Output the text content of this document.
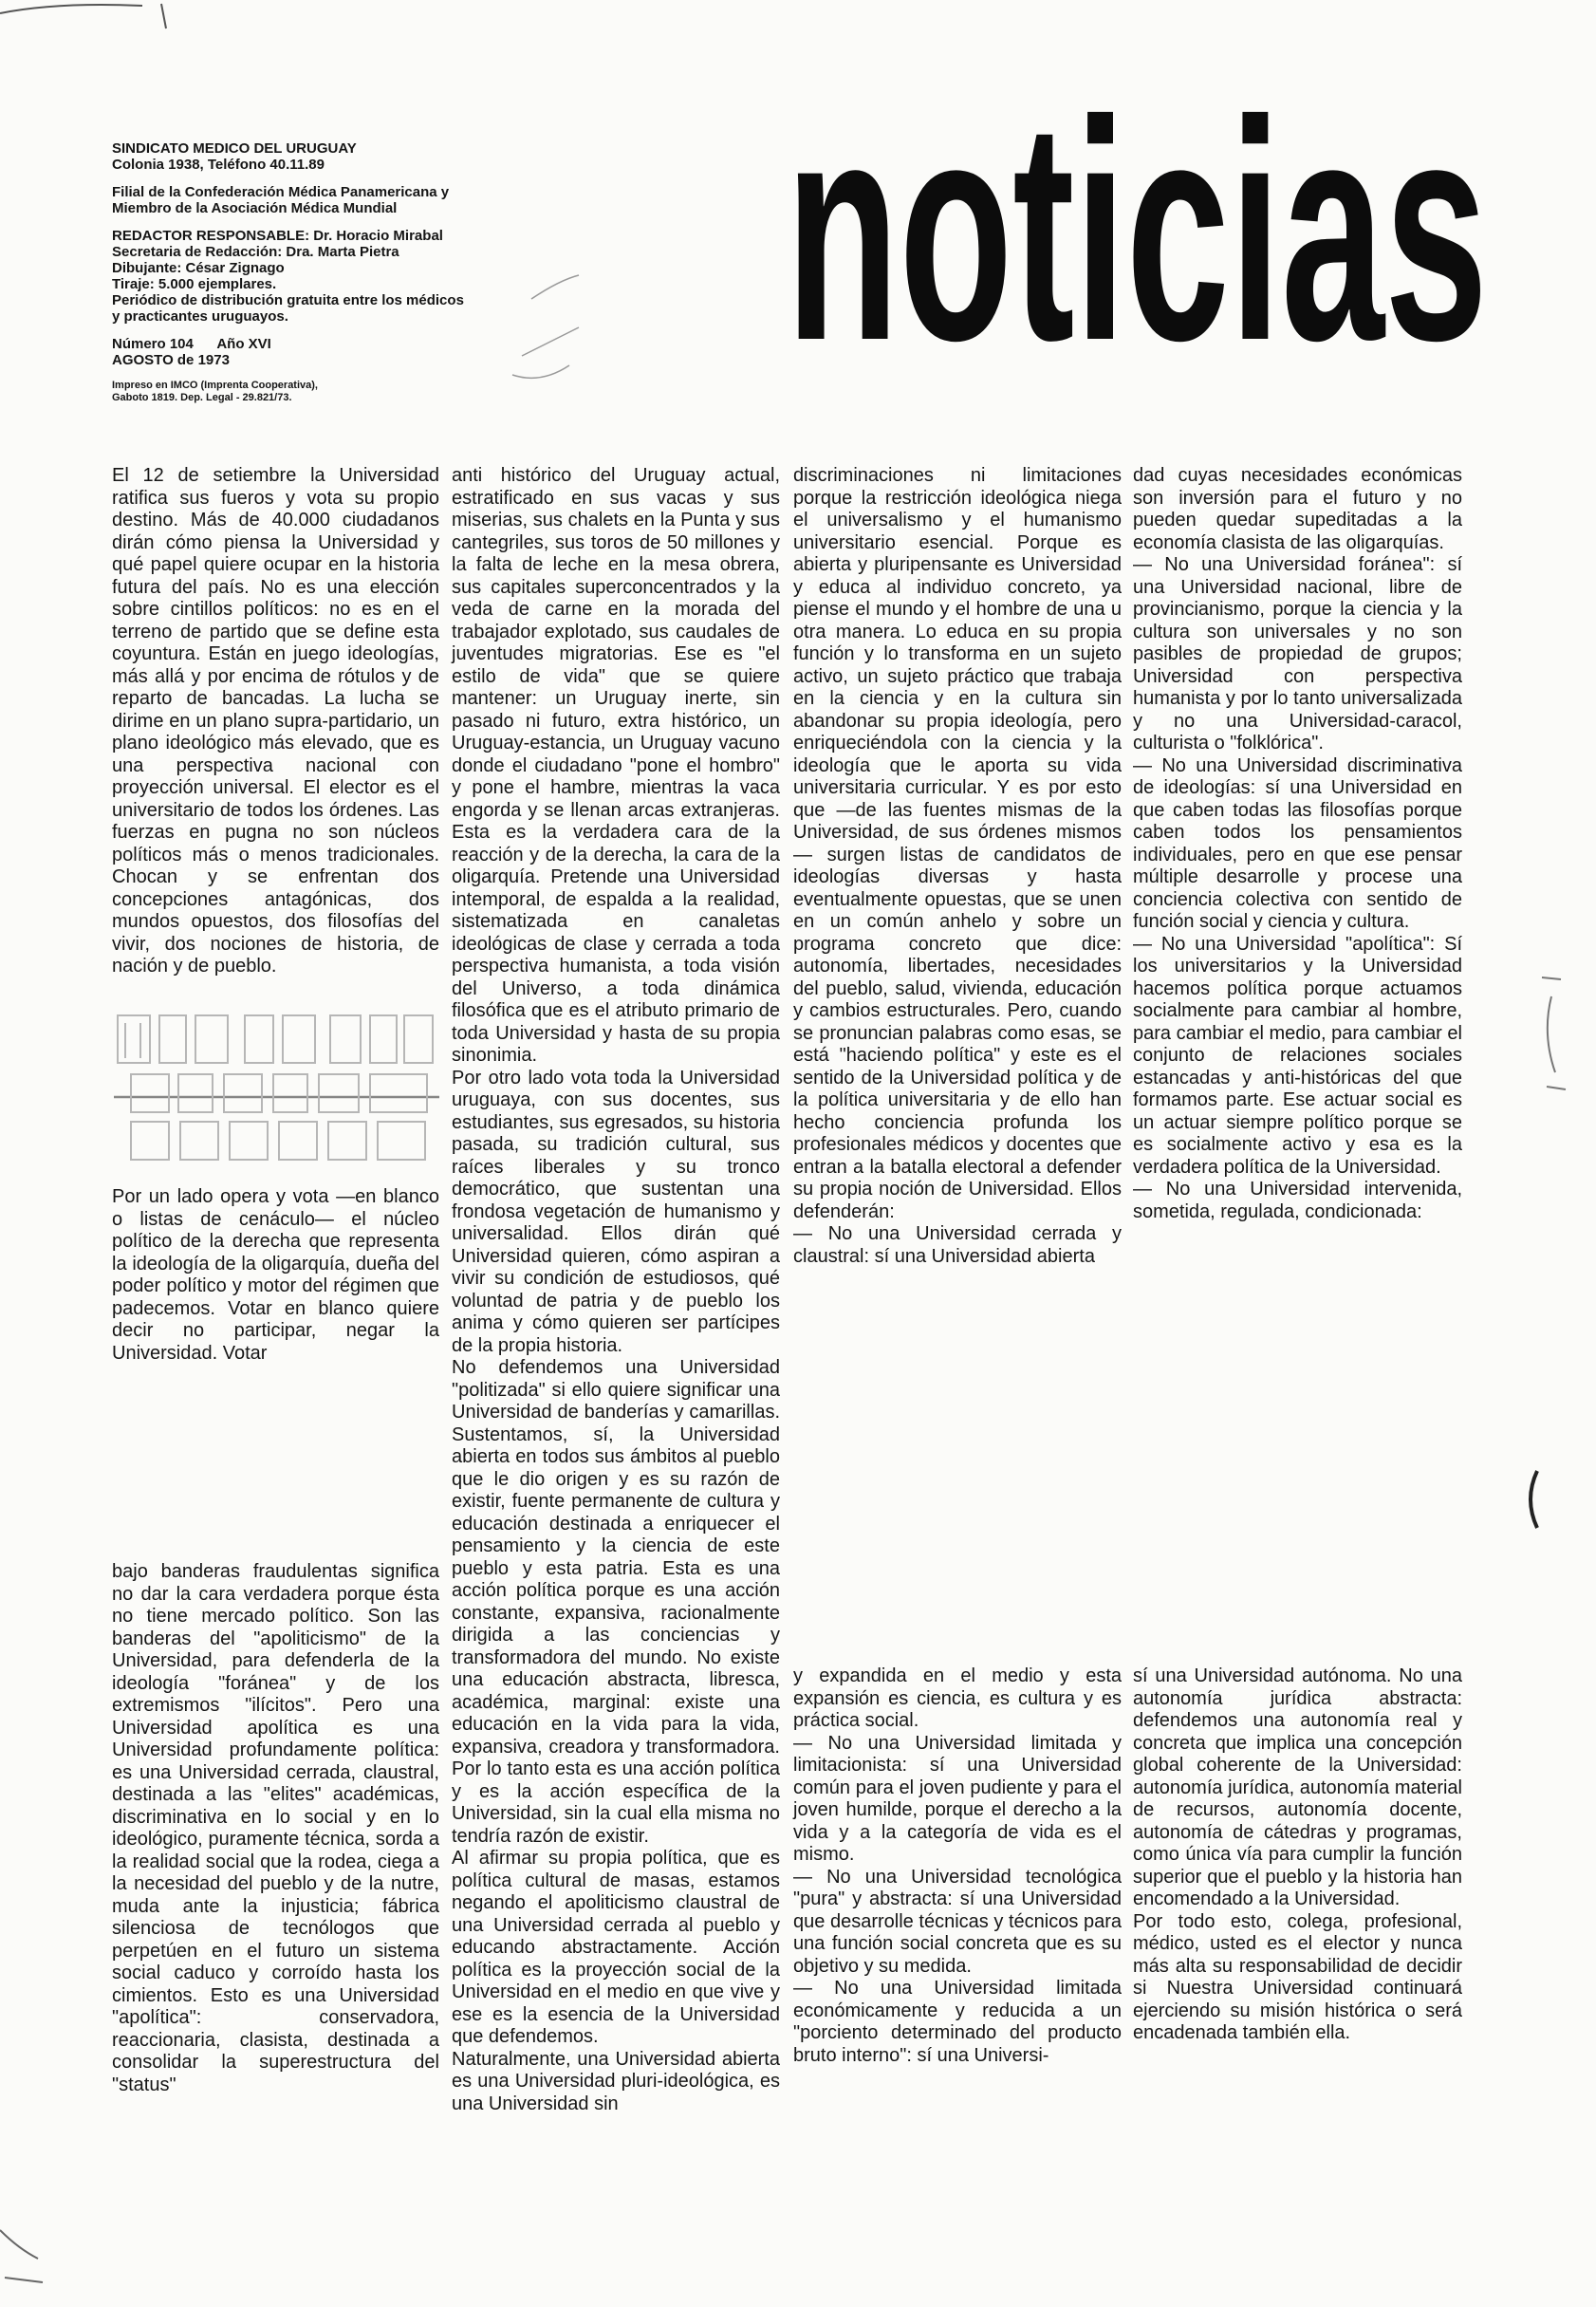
SINDICATO MEDICO DEL URUGUAY
Colonia 1938, Teléfono 40.11.89
Filial de la Confederación Médica Panamericana y
Miembro de la Asociación Médica Mundial
REDACTOR RESPONSABLE: Dr. Horacio Mirabal
Secretaria de Redacción: Dra. Marta Pietra
Dibujante: César Zignago
Tiraje: 5.000 ejemplares.
Periódico de distribución gratuita entre los médicos
y practicantes uruguayos.
Número 104      Año XVI
AGOSTO de 1973
Impreso en IMCO (Imprenta Cooperativa),
Gaboto 1819. Dep. Legal - 29.821/73.	noticias

El 12 de setiembre la Universidad ratifica sus fueros y vota su propio destino. Más de 40.000 ciudadanos dirán cómo piensa la Universidad y qué papel quiere ocupar en la historia futura del país. No es una elección sobre cintillos políticos: no es en el terreno de partido que se define esta coyuntura. Están en juego ideologías, más allá y por encima de rótulos y de reparto de bancadas. La lucha se dirime en un plano supra-partidario, un plano ideológico más elevado, que es una perspectiva nacional con proyección universal. El elector es el universitario de todos los órdenes. Las fuerzas en pugna no son núcleos políticos más o menos tradicionales. Chocan y se enfrentan dos concepciones antagónicas, dos mundos opuestos, dos filosofías del vivir, dos nociones de historia, de nación y de pueblo.

Por un lado opera y vota —en blanco o listas de cenáculo— el núcleo político de la derecha que representa la ideología de la oligarquía, dueña del poder político y motor del régimen que padecemos. Votar en blanco quiere decir no participar, negar la Universidad. Votar

bajo banderas fraudulentas significa no dar la cara verdadera porque ésta no tiene mercado político. Son las banderas del "apoliticismo" de la Universidad, para defenderla de la ideología "foránea" y de los extremismos "ilícitos". Pero una Universidad apolítica es una Universidad profundamente política: es una Universidad cerrada, claustral, destinada a las "elites" académicas, discriminativa en lo social y en lo ideológico, puramente técnica, sorda a la realidad social que la rodea, ciega a la necesidad del pueblo y de la nutre, muda ante la injusticia; fábrica silenciosa de tecnólogos que perpetúen en el futuro un sistema social caduco y corroído hasta los cimientos. Esto es una Universidad "apolítica": conservadora, reaccionaria, clasista, destinada a consolidar la superestructura del "status"

anti histórico del Uruguay actual, estratificado en sus vacas y sus miserias, sus chalets en la Punta y sus cantegriles, sus toros de 50 millones y la falta de leche en la mesa obrera, sus capitales superconcentrados y la veda de carne en la morada del trabajador explotado, sus caudales de juventudes migratorias. Ese es "el estilo de vida" que se quiere mantener: un Uruguay inerte, sin pasado ni futuro, extra histórico, un Uruguay-estancia, un Uruguay vacuno donde el ciudadano "pone el hombro" y pone el hambre, mientras la vaca engorda y se llenan arcas extranjeras. Esta es la verdadera cara de la reacción y de la derecha, la cara de la oligarquía. Pretende una Universidad intemporal, de espalda a la realidad, sistematizada en canaletas ideológicas de clase y cerrada a toda perspectiva humanista, a toda visión del Universo, a toda dinámica filosófica que es el atributo primario de toda Universidad y hasta de su propia sinonimia.

Por otro lado vota toda la Universidad uruguaya, con sus docentes, sus estudiantes, sus egresados, su historia pasada, su tradición cultural, sus raíces liberales y su tronco democrático, que sustentan una frondosa vegetación de humanismo y universalidad. Ellos dirán qué Universidad quieren, cómo aspiran a vivir su condición de estudiosos, qué voluntad de patria y de pueblo los anima y cómo quieren ser partícipes de la propia historia.

No defendemos una Universidad "politizada" si ello quiere significar una Universidad de banderías y camarillas. Sustentamos, sí, la Universidad abierta en todos sus ámbitos al pueblo que le dio origen y es su razón de existir, fuente permanente de cultura y educación destinada a enriquecer el pensamiento y la ciencia de este pueblo y esta patria. Esta es una acción política porque es una acción constante, expansiva, racionalmente dirigida a las conciencias y transformadora del mundo. No existe una educación abstracta, libresca, académica, marginal: existe una educación en la vida para la vida, expansiva, creadora y transformadora. Por lo tanto esta es una acción política y es la acción específica de la Universidad, sin la cual ella misma no tendría razón de existir.

Al afirmar su propia política, que es política cultural de masas, estamos negando el apoliticismo claustral de una Universidad cerrada al pueblo y educando abstractamente. Acción política es la proyección social de la Universidad en el medio en que vive y ese es la esencia de la Universidad que defendemos.

Naturalmente, una Universidad abierta es una Universidad pluri-ideológica, es una Universidad sin

discriminaciones ni limitaciones porque la restricción ideológica niega el universalismo y el humanismo universitario esencial. Porque es abierta y pluripensante es Universidad y educa al individuo concreto, ya piense el mundo y el hombre de una u otra manera. Lo educa en su propia función y lo transforma en un sujeto activo, un sujeto práctico que trabaja en la ciencia y en la cultura sin abandonar su propia ideología, pero enriqueciéndola con la ciencia y la ideología que le aporta su vida universitaria curricular. Y es por esto que —de las fuentes mismas de la Universidad, de sus órdenes mismos— surgen listas de candidatos de ideologías diversas y hasta eventualmente opuestas, que se unen en un común anhelo y sobre un programa concreto que dice: autonomía, libertades, necesidades del pueblo, salud, vivienda, educación y cambios estructurales. Pero, cuando se pronuncian palabras como esas, se está "haciendo política" y este es el sentido de la Universidad política y de la política universitaria y de ello han hecho conciencia profunda los profesionales médicos y docentes que entran a la batalla electoral a defender su propia noción de Universidad. Ellos defenderán:

— No una Universidad cerrada y claustral: sí una Universidad abierta

y expandida en el medio y esta expansión es ciencia, es cultura y es práctica social.

— No una Universidad limitada y limitacionista: sí una Universidad común para el joven pudiente y para el joven humilde, porque el derecho a la vida y a la categoría de vida es el mismo.

— No una Universidad tecnológica "pura" y abstracta: sí una Universidad que desarrolle técnicas y técnicos para una función social concreta que es su objetivo y su medida.

— No una Universidad limitada económicamente y reducida a un "porciento determinado del producto bruto interno": sí una Universi-

dad cuyas necesidades económicas son inversión para el futuro y no pueden quedar supeditadas a la economía clasista de las oligarquías.

— No una Universidad foránea": sí una Universidad nacional, libre de provincianismo, porque la ciencia y la cultura son universales y no son pasibles de propiedad de grupos; Universidad con perspectiva humanista y por lo tanto universalizada y no una Universidad-caracol, culturista o "folklórica".

— No una Universidad discriminativa de ideologías: sí una Universidad en que caben todas las filosofías porque caben todos los pensamientos individuales, pero en que ese pensar múltiple desarrolle y procese una conciencia colectiva con sentido de función social y ciencia y cultura.

— No una Universidad "apolítica": Sí los universitarios y la Universidad hacemos política porque actuamos socialmente para cambiar al hombre, para cambiar el medio, para cambiar el conjunto de relaciones sociales estancadas y anti-históricas del que formamos parte. Ese actuar social es un actuar siempre político porque se es socialmente activo y esa es la verdadera política de la Universidad.

— No una Universidad intervenida, sometida, regulada, condicionada:

sí una Universidad autónoma. No una autonomía jurídica abstracta: defendemos una autonomía real y concreta que implica una concepción global coherente de la Universidad: autonomía jurídica, autonomía material de recursos, autonomía docente, autonomía de cátedras y programas, como única vía para cumplir la función superior que el pueblo y la historia han encomendado a la Universidad.

Por todo esto, colega, profesional, médico, usted es el elector y nunca más alta su responsabilidad de decidir si Nuestra Universidad continuará ejerciendo su misión histórica o será encadenada también ella.
